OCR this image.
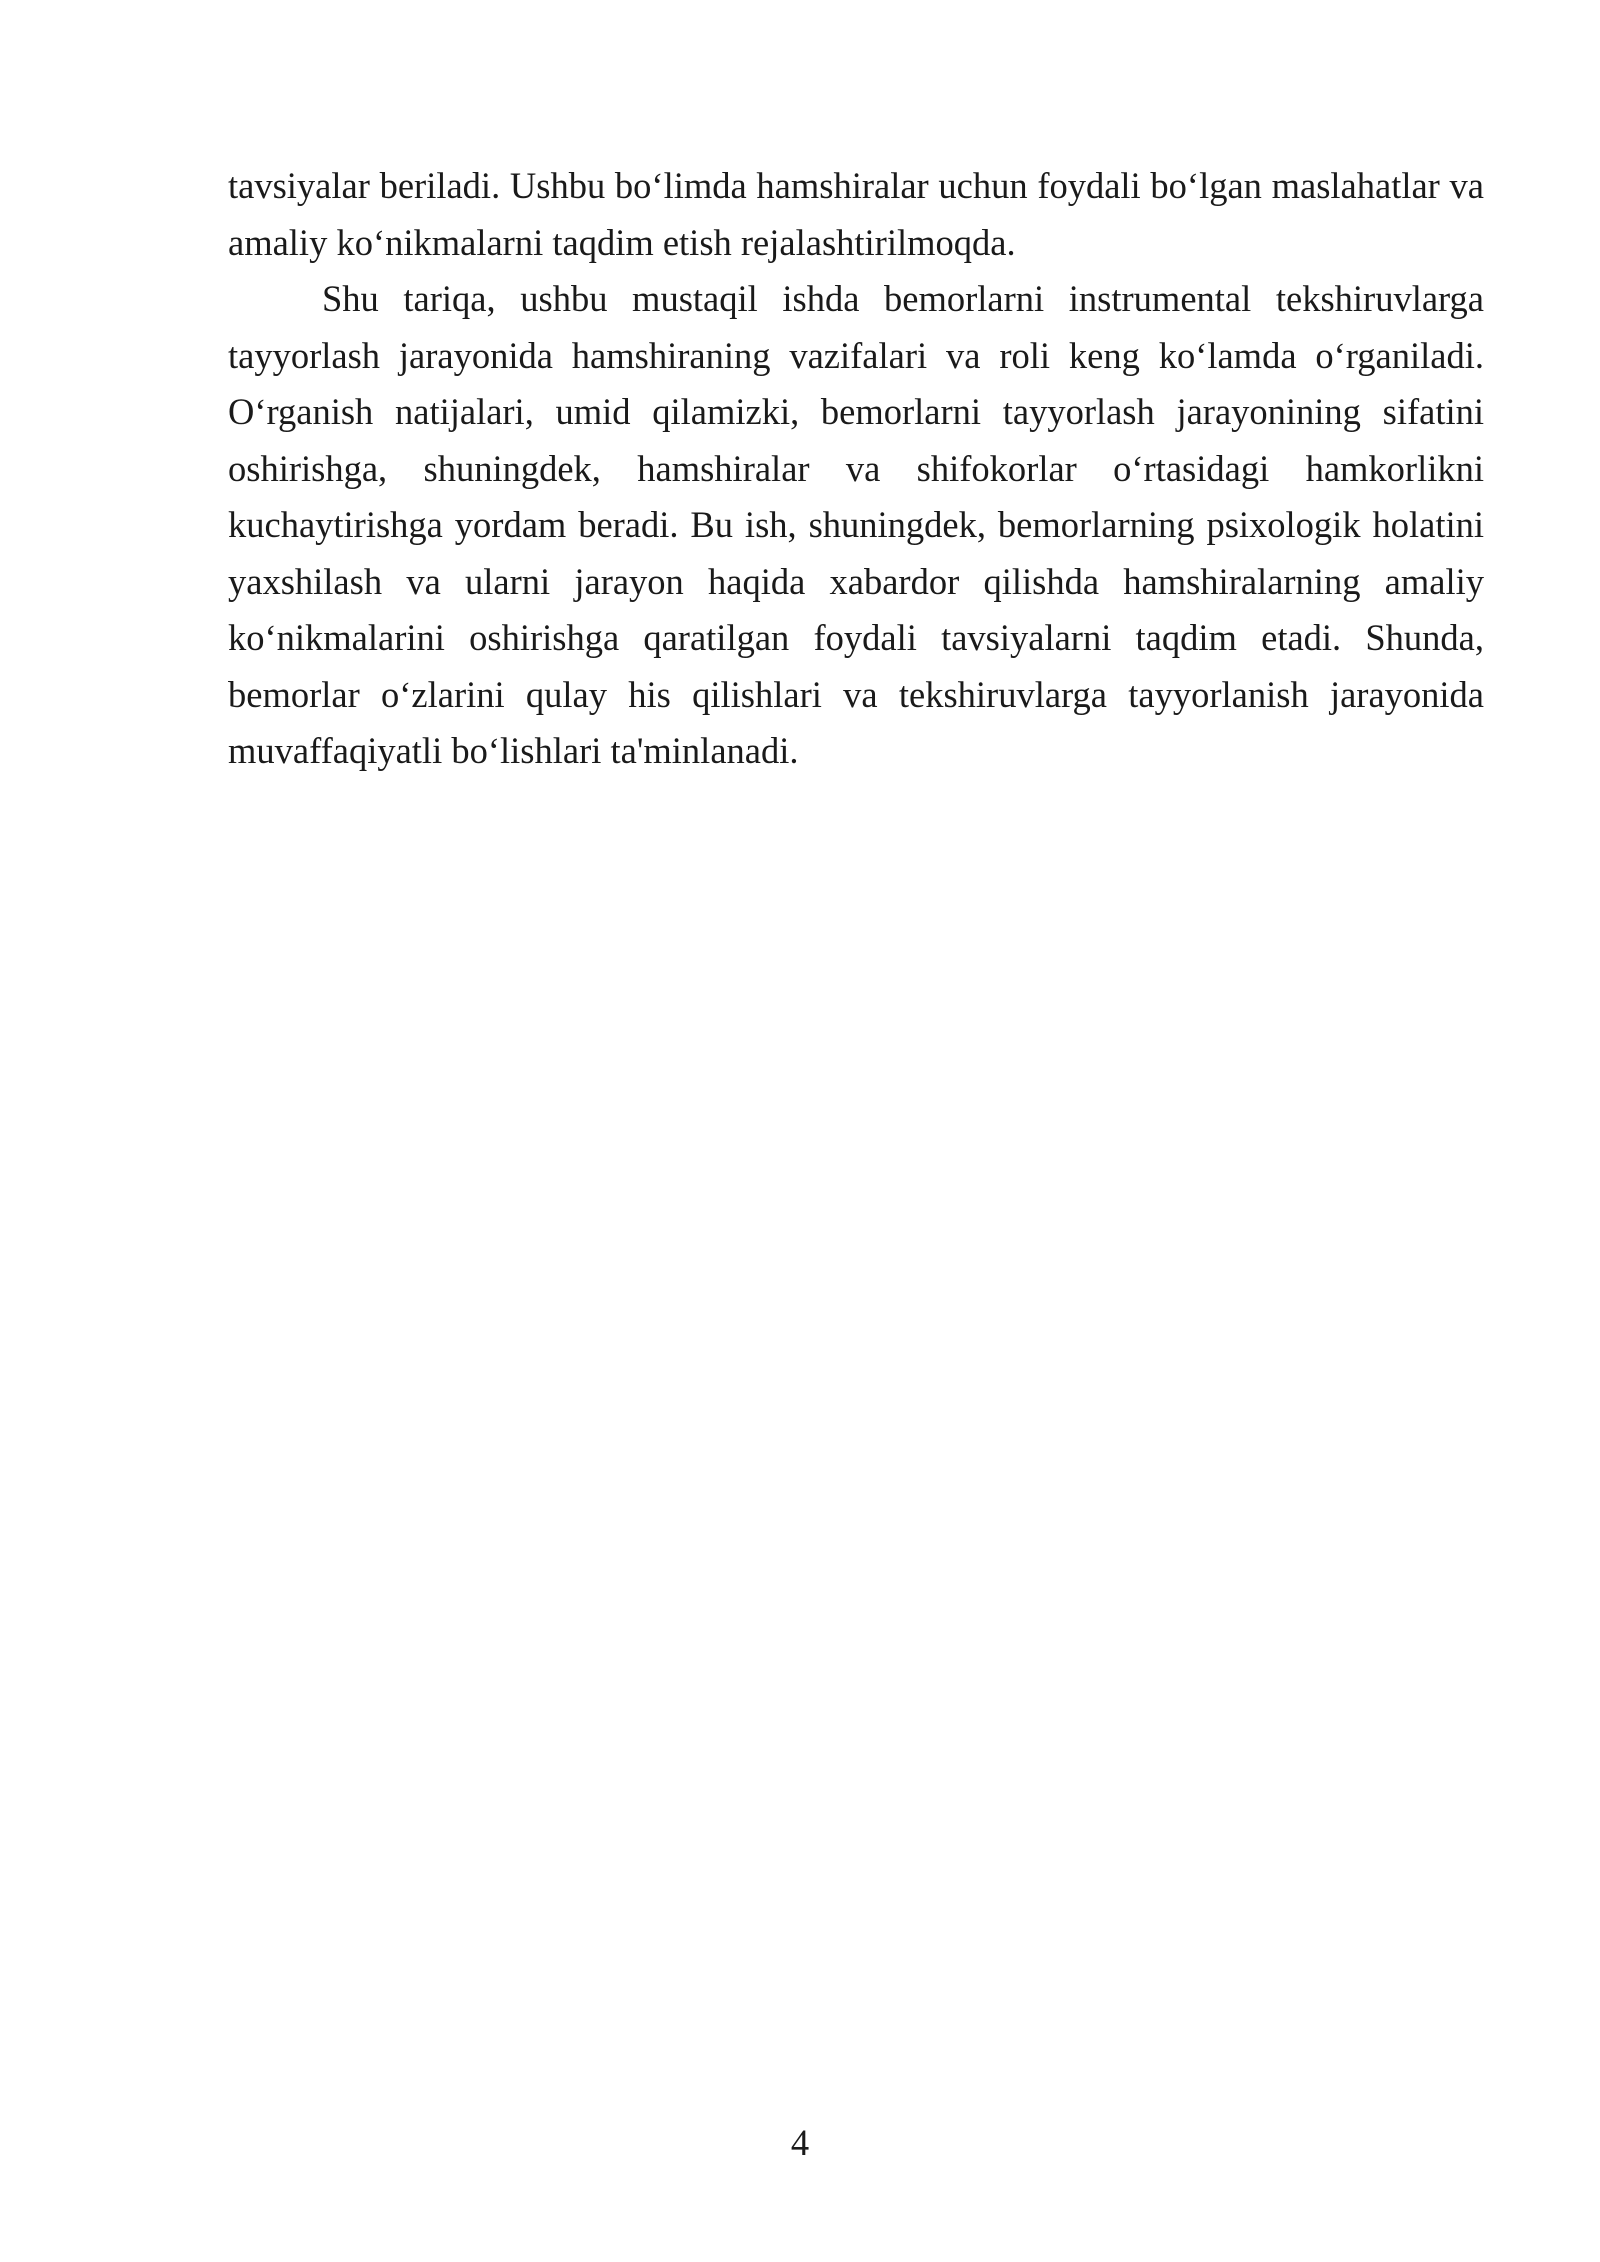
tavsiyalar beriladi. Ushbu boʻlimda hamshiralar uchun foydali boʻlgan maslahatlar va amaliy koʻnikmalarni taqdim etish rejalashtirilmoqda.

Shu tariqa, ushbu mustaqil ishda bemorlarni instrumental tekshiruvlarga tayyorlash jarayonida hamshiraning vazifalari va roli keng koʻlamda oʻrganiladi. Oʻrganish natijalari, umid qilamizki, bemorlarni tayyorlash jarayonining sifatini oshirishga, shuningdek, hamshiralar va shifokorlar oʻrtasidagi hamkorlikni kuchaytirishga yordam beradi. Bu ish, shuningdek, bemorlarning psixologik holatini yaxshilash va ularni jarayon haqida xabardor qilishda hamshiralarning amaliy koʻnikmalarini oshirishga qaratilgan foydali tavsiyalarni taqdim etadi. Shunda, bemorlar oʻzlarini qulay his qilishlari va tekshiruvlarga tayyorlanish jarayonida muvaffaqiyatli boʻlishlari ta'minlanadi.

4
